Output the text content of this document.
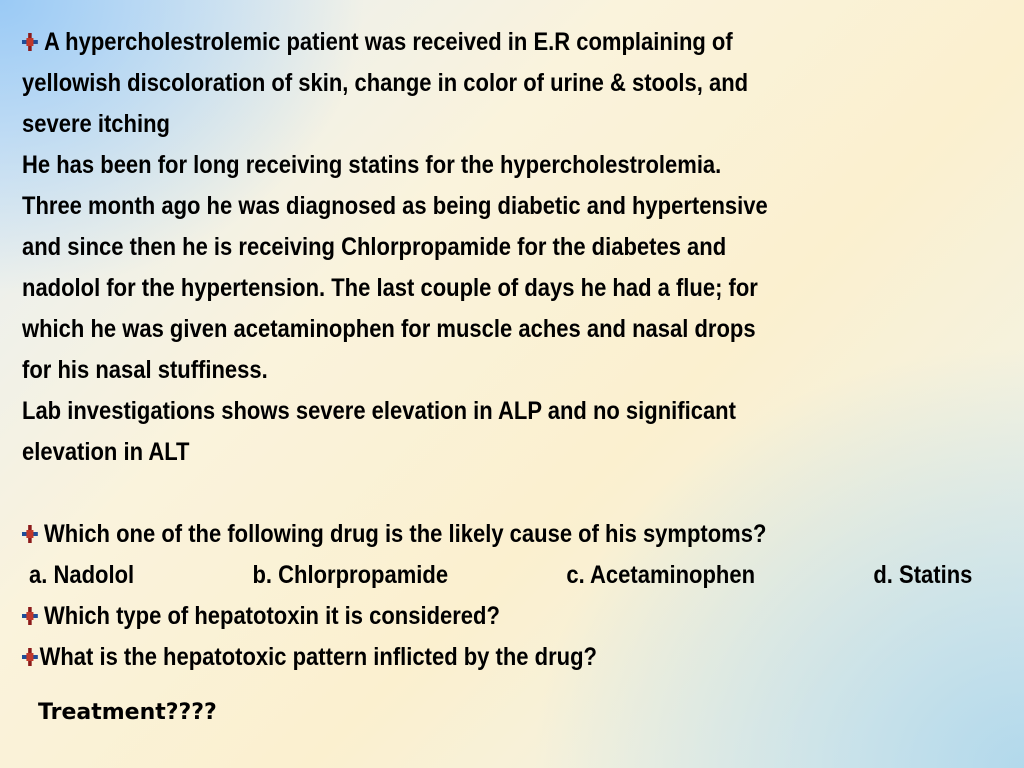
A hypercholestrolemic patient was received in E.R complaining of
yellowish discoloration of skin, change in color of urine & stools, and
severe itching
He has been for long receiving statins for the hypercholestrolemia.
Three month ago he was diagnosed as being diabetic and hypertensive
and since then he is receiving Chlorpropamide for the diabetes and
nadolol for the hypertension. The last couple of days he had a flue; for
which he was given acetaminophen for muscle aches and nasal drops
for his nasal stuffiness.
Lab investigations shows severe elevation in ALP and no significant
elevation in ALT
Which one of the following drug is the likely cause of his symptoms?
a. Nadolol	b. Chlorpropamide	c. Acetaminophen	d. Statins
Which type of hepatotoxin it is considered?
What is the hepatotoxic pattern inflicted by the drug?
Treatment????
